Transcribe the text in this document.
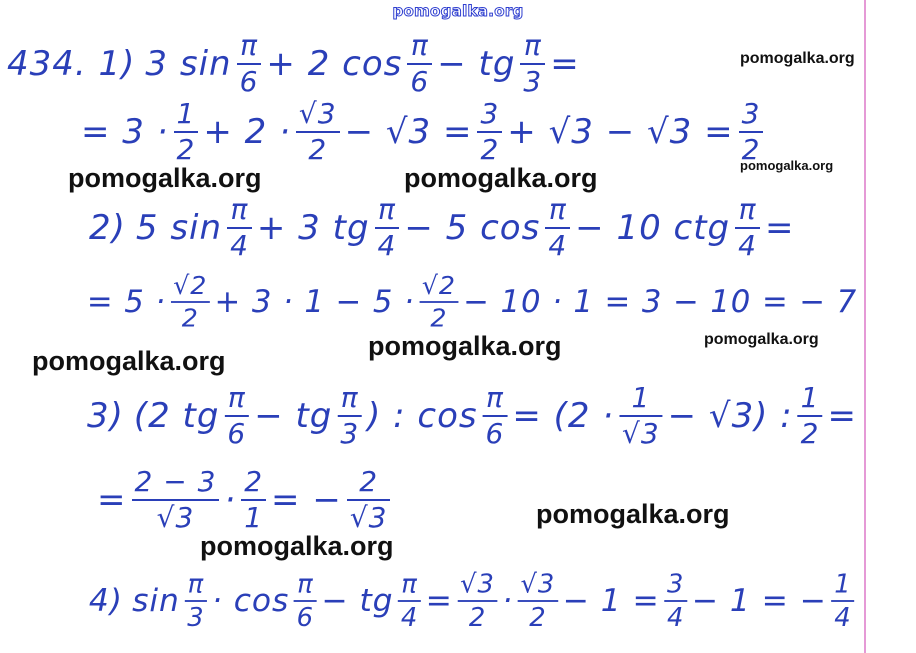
pomogalka.org
pomogalka.org
pomogalka.org
pomogalka.org	pomogalka.org
pomogalka.org
pomogalka.org
pomogalka.org
pomogalka.org
pomogalka.org
434. 1) 3 $\sin \frac{\pi}{6} + 2$ $\cos \frac{\pi}{6}$ − tg $\frac{\pi}{3}$ =
= $3 \cdot \frac{1}{2} + 2 \cdot \frac{√3}{2} - √3 = \frac{3}{2} + √3 - √3 = \frac{3}{2}$
2) 5 $\sin \frac{\pi}{4} + 3$ tg $\frac{\pi}{4} - 5$ $\cos \frac{\pi}{4} - 10$ ctg $\frac{\pi}{4}$ =
= $5 \cdot \frac{√2}{2} + 3 \cdot 1 - 5 \cdot \frac{√2}{2} - 10 \cdot 1 = 3 - 10$ = − 7
3) (2 tg $\frac{\pi}{6}$ − tg $\frac{\pi}{3}$ ) : $\cos \frac{\pi}{6} = (2 \cdot \frac{1}{√3} - √3)$ : $\frac{1}{2}$ =
= $\frac{2 - 3}{√3} \cdot \frac{2}{1}$ = − $\frac{2}{√3}$
4) $\sin \frac{\pi}{3} \cdot \cos \frac{\pi}{6}$ − tg $\frac{\pi}{4} = \frac{√3}{2} \cdot \frac{√3}{2} - 1 = \frac{3}{4} - 1$ = − $\frac{1}{4}$
